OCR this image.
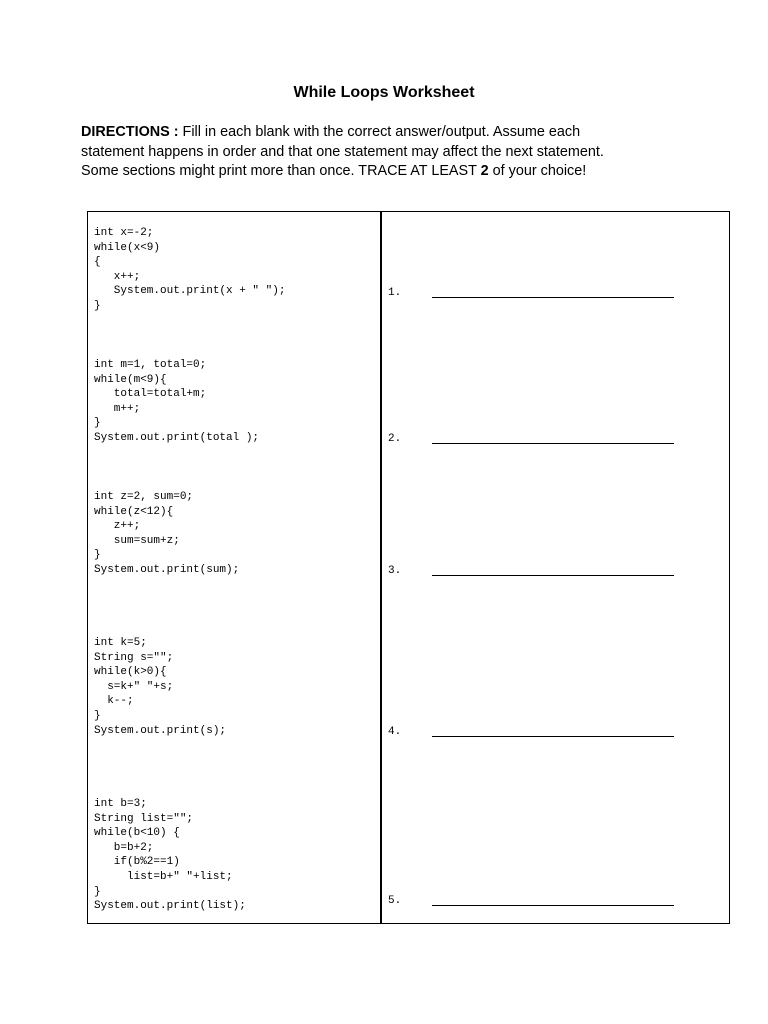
While Loops Worksheet
DIRECTIONS : Fill in each blank with the correct answer/output. Assume each
statement happens in order and that one statement may affect the next statement.
Some sections might print more than once. TRACE AT LEAST 2 of your choice!
int x=-2;
while(x<9)
{
x++;
System.out.print(x + " ");
}
1.
int m=1, total=0;
while(m<9){
total=total+m;
m++;
}
System.out.print(total );	2.
int z=2, sum=0;
while(z<12){
z++;
sum=sum+z;
}
System.out.print(sum);	3.
int k=5;
String s="";
while(k>0){
s=k+" "+s;
k--;
}
System.out.print(s);	4.
int b=3;
String list="";
while(b<10) {
b=b+2;
if(b%2==1)
list=b+" "+list;
}
System.out.print(list);	5.
